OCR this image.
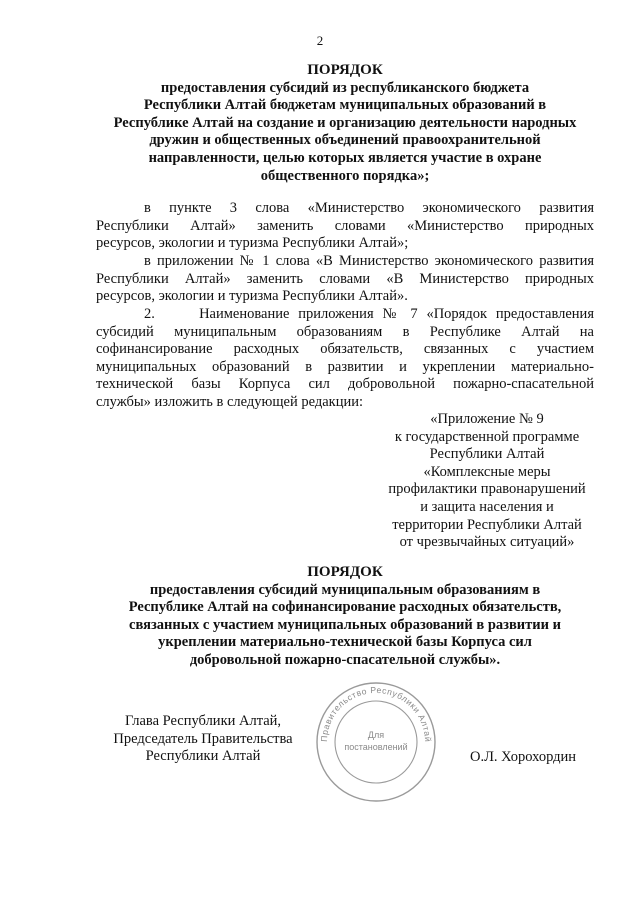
2
ПОРЯДОК
предоставления субсидий из республиканского бюджета
Республики Алтай бюджетам муниципальных образований в
Республике Алтай на создание и организацию деятельности народных
дружин и общественных объединений правоохранительной
направленности, целью которых является участие в охране
общественного порядка»;
в пункте 3 слова «Министерство экономического развития
Республики Алтай» заменить словами «Министерство природных
ресурсов, экологии и туризма Республики Алтай»;
в приложении № 1 слова «В Министерство экономического развития
Республики Алтай» заменить словами «В Министерство природных
ресурсов, экологии и туризма Республики Алтай».
2.     Наименование приложения № 7 «Порядок предоставления
субсидий муниципальным образованиям в Республике Алтай на
софинансирование расходных обязательств, связанных с участием
муниципальных образований в развитии и укреплении материально-
технической базы Корпуса сил добровольной пожарно-спасательной
службы» изложить в следующей редакции:
«Приложение № 9
к государственной программе
Республики Алтай
«Комплексные меры
профилактики правонарушений
и защита населения и
территории Республики Алтай
от чрезвычайных ситуаций»
ПОРЯДОК
предоставления субсидий муниципальным образованиям в
Республике Алтай на софинансирование расходных обязательств,
связанных с участием муниципальных образований в развитии и
укреплении материально-технической базы Корпуса сил
добровольной пожарно-спасательной службы».
Глава Республики Алтай,
Председатель Правительства
Республики Алтай
Правительство Республики Алтай
Для
постановлений
О.Л. Хорохордин
